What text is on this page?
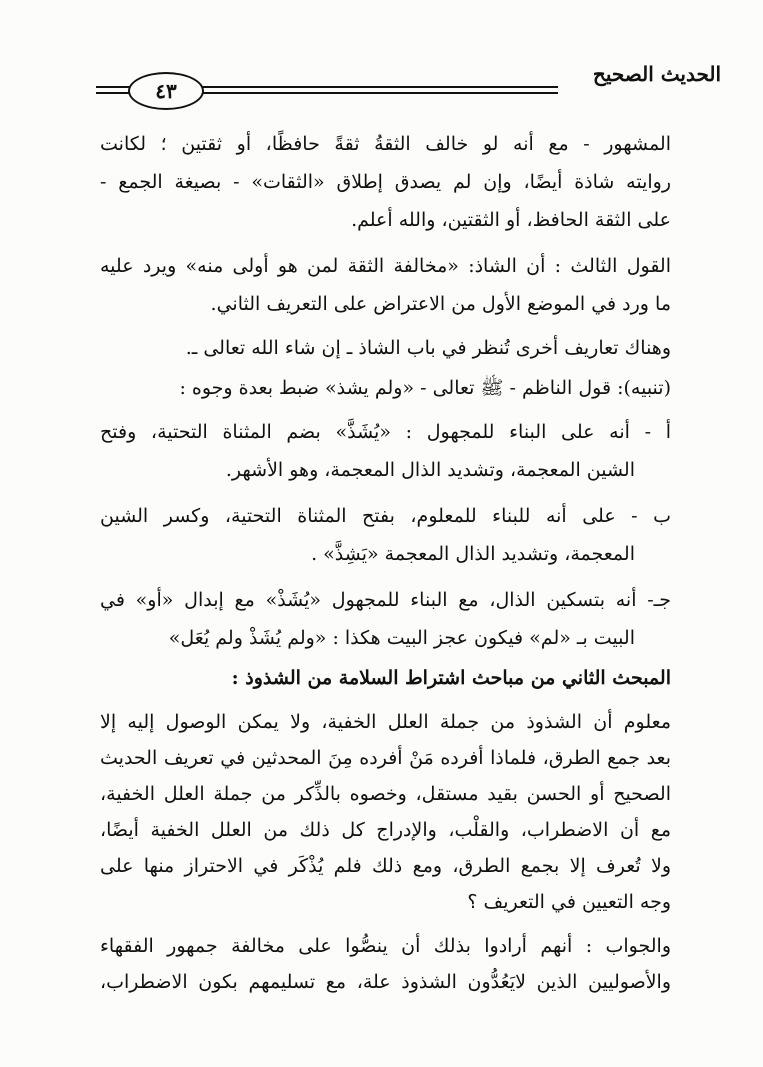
الحديث الصحيح
٤٣
المشهور - مع أنه لو خالف الثقةُ ثقةً حافظًا، أو ثقتين ؛ لكانت
روايته شاذة أيضًا، وإن لم يصدق إطلاق «الثقات» - بصيغة الجمع -
على الثقة الحافظ، أو الثقتين، والله أعلم.
القول الثالث : أن الشاذ: «مخالفة الثقة لمن هو أولى منه» ويرد عليه
ما ورد في الموضع الأول من الاعتراض على التعريف الثاني.
وهناك تعاريف أخرى تُنظر في باب الشاذ ـ إن شاء الله تعالى ـ.
(تنبيه): قول الناظم - ﷺ تعالى - «ولم يشذ» ضبط بعدة وجوه :
أ - أنه على البناء للمجهول : «يُشَذَّ» بضم المثناة التحتية، وفتح
الشين المعجمة، وتشديد الذال المعجمة، وهو الأشهر.
ب - على أنه للبناء للمعلوم، بفتح المثناة التحتية، وكسر الشين
المعجمة، وتشديد الذال المعجمة «يَشِذَّ» .
جـ- أنه بتسكين الذال، مع البناء للمجهول «يُشَذْ» مع إبدال «أو» في
البيت بـ «لم» فيكون عجز البيت هكذا : «ولم يُشَذْ ولم يُعَل»
المبحث الثاني من مباحث اشتراط السلامة من الشذوذ :
معلوم أن الشذوذ من جملة العلل الخفية، ولا يمكن الوصول إليه إلا
بعد جمع الطرق، فلماذا أفرده مَنْ أفرده مِنَ المحدثين في تعريف الحديث
الصحيح أو الحسن بقيد مستقل، وخصوه بالذِّكر من جملة العلل الخفية،
مع أن الاضطراب، والقلْب، والإدراج كل ذلك من العلل الخفية أيضًا،
ولا تُعرف إلا بجمع الطرق، ومع ذلك فلم يُذْكَر في الاحتراز منها على
وجه التعيين في التعريف ؟
والجواب : أنهم أرادوا بذلك أن ينصُّوا على مخالفة جمهور الفقهاء
والأصوليين الذين لايَعُدُّون الشذوذ علة، مع تسليمهم بكون الاضطراب،
